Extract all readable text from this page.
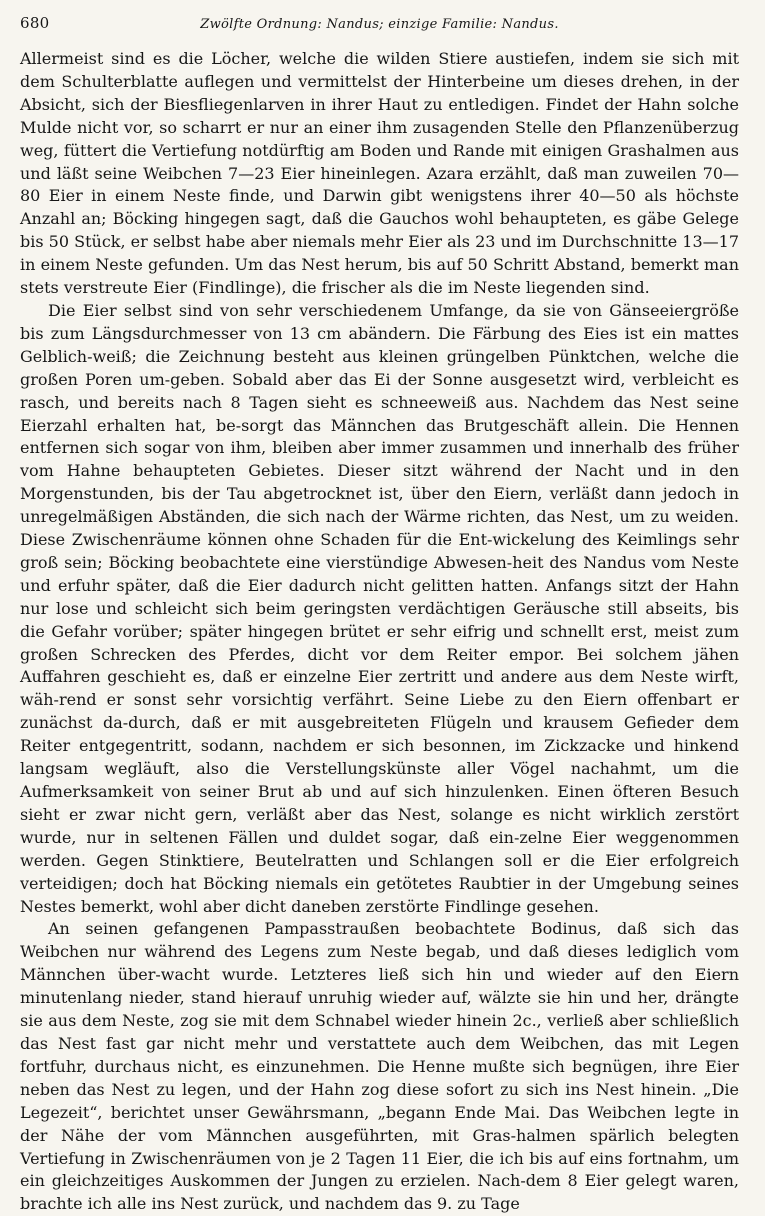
680	Zwölfte Ordnung: Nandus; einzige Familie: Nandus.

Allermeist sind es die Löcher, welche die wilden Stiere austiefen, indem sie sich mit dem Schulterblatte auflegen und vermittelst der Hinterbeine um dieses drehen, in der Absicht, sich der Biesfliegenlarven in ihrer Haut zu entledigen. Findet der Hahn solche Mulde nicht vor, so scharrt er nur an einer ihm zusagenden Stelle den Pflanzenüberzug weg, füttert die Vertiefung notdürftig am Boden und Rande mit einigen Grashalmen aus und läßt seine Weibchen 7—23 Eier hineinlegen. Azara erzählt, daß man zuweilen 70—80 Eier in einem Neste finde, und Darwin gibt wenigstens ihrer 40—50 als höchste Anzahl an; Böcking hingegen sagt, daß die Gauchos wohl behaupteten, es gäbe Gelege bis 50 Stück, er selbst habe aber niemals mehr Eier als 23 und im Durchschnitte 13—17 in einem Neste gefunden. Um das Nest herum, bis auf 50 Schritt Abstand, bemerkt man stets verstreute Eier (Findlinge), die frischer als die im Neste liegenden sind.

Die Eier selbst sind von sehr verschiedenem Umfange, da sie von Gänseeiergröße bis zum Längsdurchmesser von 13 cm abändern. Die Färbung des Eies ist ein mattes Gelblich-weiß; die Zeichnung besteht aus kleinen grüngelben Pünktchen, welche die großen Poren um-geben. Sobald aber das Ei der Sonne ausgesetzt wird, verbleicht es rasch, und bereits nach 8 Tagen sieht es schneeweiß aus. Nachdem das Nest seine Eierzahl erhalten hat, be-sorgt das Männchen das Brutgeschäft allein. Die Hennen entfernen sich sogar von ihm, bleiben aber immer zusammen und innerhalb des früher vom Hahne behaupteten Gebietes. Dieser sitzt während der Nacht und in den Morgenstunden, bis der Tau abgetrocknet ist, über den Eiern, verläßt dann jedoch in unregelmäßigen Abständen, die sich nach der Wärme richten, das Nest, um zu weiden. Diese Zwischenräume können ohne Schaden für die Ent-wickelung des Keimlings sehr groß sein; Böcking beobachtete eine vierstündige Abwesen-heit des Nandus vom Neste und erfuhr später, daß die Eier dadurch nicht gelitten hatten. Anfangs sitzt der Hahn nur lose und schleicht sich beim geringsten verdächtigen Geräusche still abseits, bis die Gefahr vorüber; später hingegen brütet er sehr eifrig und schnellt erst, meist zum großen Schrecken des Pferdes, dicht vor dem Reiter empor. Bei solchem jähen Auffahren geschieht es, daß er einzelne Eier zertritt und andere aus dem Neste wirft, wäh-rend er sonst sehr vorsichtig verfährt. Seine Liebe zu den Eiern offenbart er zunächst da-durch, daß er mit ausgebreiteten Flügeln und krausem Gefieder dem Reiter entgegentritt, sodann, nachdem er sich besonnen, im Zickzacke und hinkend langsam wegläuft, also die Verstellungskünste aller Vögel nachahmt, um die Aufmerksamkeit von seiner Brut ab und auf sich hinzulenken. Einen öfteren Besuch sieht er zwar nicht gern, verläßt aber das Nest, solange es nicht wirklich zerstört wurde, nur in seltenen Fällen und duldet sogar, daß ein-zelne Eier weggenommen werden. Gegen Stinktiere, Beutelratten und Schlangen soll er die Eier erfolgreich verteidigen; doch hat Böcking niemals ein getötetes Raubtier in der Umgebung seines Nestes bemerkt, wohl aber dicht daneben zerstörte Findlinge gesehen.

An seinen gefangenen Pampasstraußen beobachtete Bodinus, daß sich das Weibchen nur während des Legens zum Neste begab, und daß dieses lediglich vom Männchen über-wacht wurde. Letzteres ließ sich hin und wieder auf den Eiern minutenlang nieder, stand hierauf unruhig wieder auf, wälzte sie hin und her, drängte sie aus dem Neste, zog sie mit dem Schnabel wieder hinein 2c., verließ aber schließlich das Nest fast gar nicht mehr und verstattete auch dem Weibchen, das mit Legen fortfuhr, durchaus nicht, es einzunehmen. Die Henne mußte sich begnügen, ihre Eier neben das Nest zu legen, und der Hahn zog diese sofort zu sich ins Nest hinein. „Die Legezeit“, berichtet unser Gewährsmann, „begann Ende Mai. Das Weibchen legte in der Nähe der vom Männchen ausgeführten, mit Gras-halmen spärlich belegten Vertiefung in Zwischenräumen von je 2 Tagen 11 Eier, die ich bis auf eins fortnahm, um ein gleichzeitiges Auskommen der Jungen zu erzielen. Nach-dem 8 Eier gelegt waren, brachte ich alle ins Nest zurück, und nachdem das 9. zu Tage
